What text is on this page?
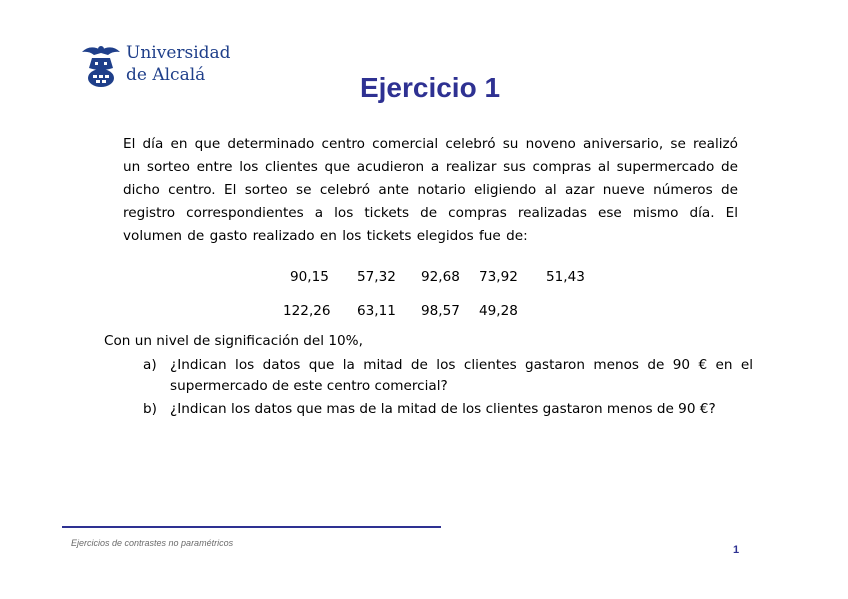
Universidad
de Alcalá	Ejercicio 1

El día en que determinado centro comercial celebró su noveno aniversario, se realizó un sorteo entre los clientes que acudieron a realizar sus compras al supermercado de dicho centro. El sorteo se celebró ante notario eligiendo al azar nueve números de registro correspondientes a los tickets de compras realizadas ese mismo día. El volumen de gasto realizado en los tickets elegidos fue de:

90,15 57,32 92,68 73,92 51,43
122,26 63,11 98,57 49,28

Con un nivel de significación del 10%,

a) ¿Indican los datos que la mitad de los clientes gastaron menos de 90 € en el supermercado de este centro comercial?
b) ¿Indican los datos que mas de la mitad de los clientes gastaron menos de 90 €?
Ejercicios de contrastes no paramétricos
1
